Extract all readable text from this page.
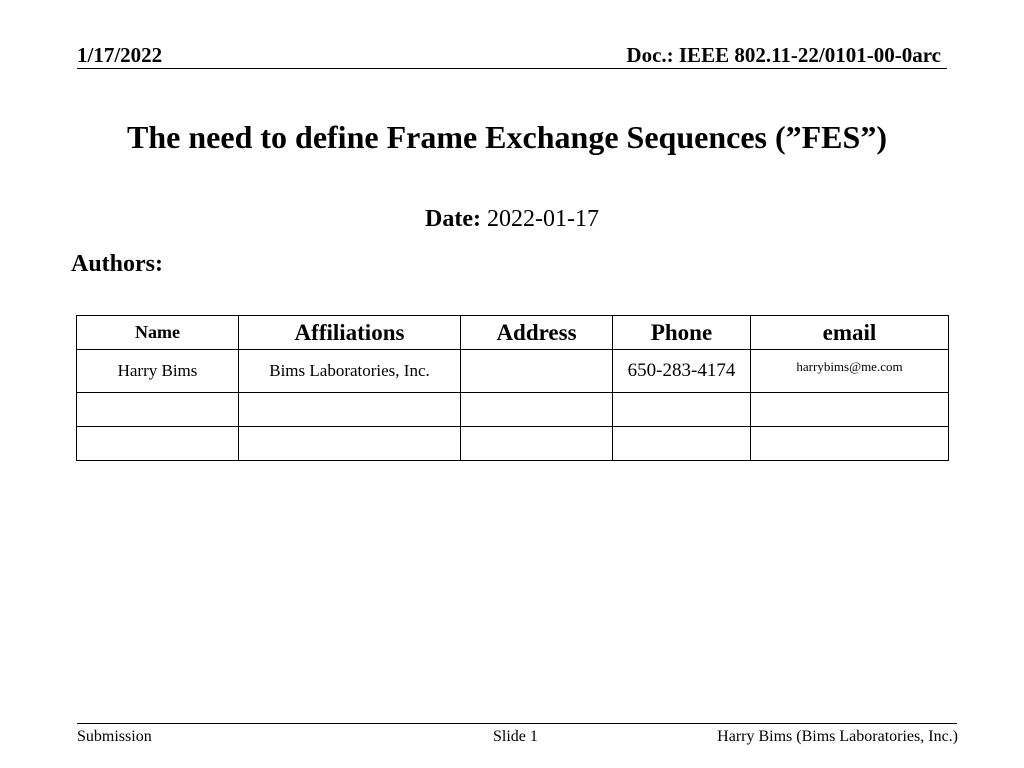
1/17/2022	Doc.: IEEE 802.11-22/0101-00-0arc
The need to define Frame Exchange Sequences (”FES”)
Date: 2022-01-17
Authors:
Name	Affiliations	Address	Phone	email
Harry Bims	Bims Laboratories, Inc.		650-283-4174	harrybims@me.com

Submission	Slide 1	Harry Bims (Bims Laboratories, Inc.)
